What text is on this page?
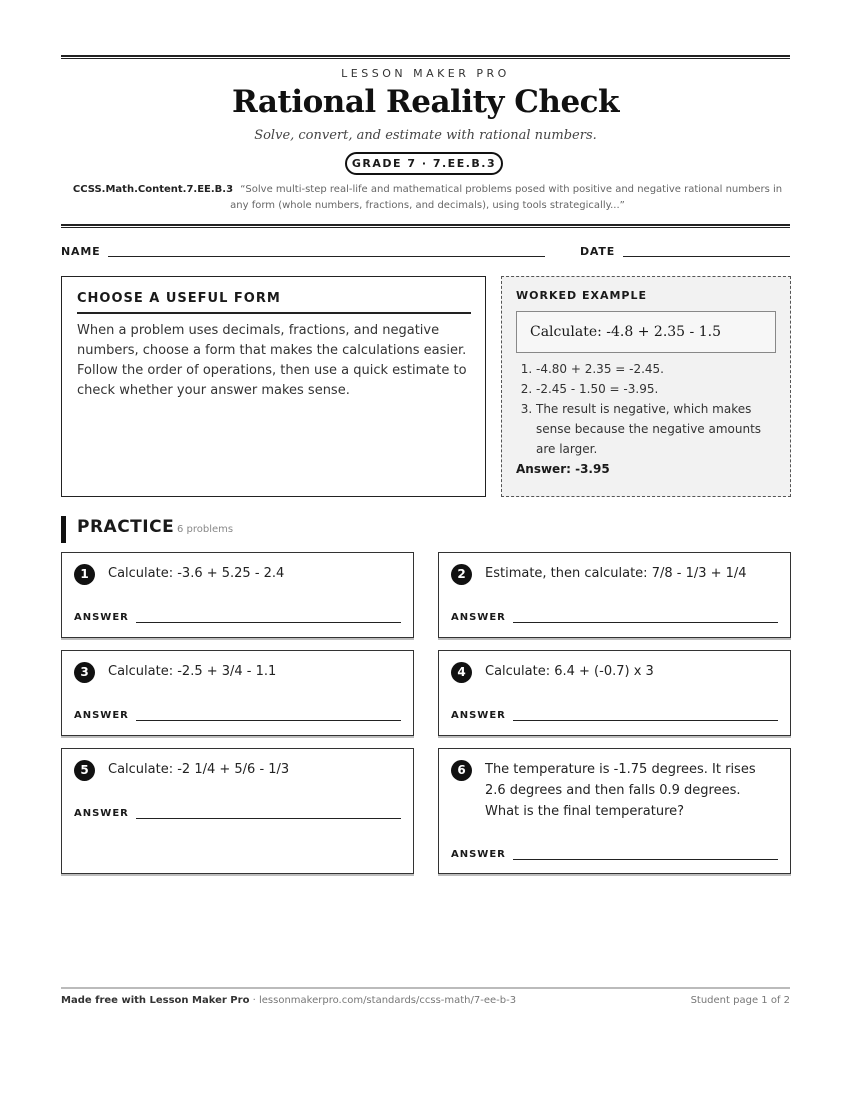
LESSON MAKER PRO
Rational Reality Check
Solve, convert, and estimate with rational numbers.
GRADE 7 · 7.EE.B.3
CCSS.Math.Content.7.EE.B.3 “Solve multi-step real-life and mathematical problems posed with positive and negative rational numbers in any form (whole numbers, fractions, and decimals), using tools strategically...”
NAME	DATE
CHOOSE A USEFUL FORM
When a problem uses decimals, fractions, and negative numbers, choose a form that makes the calculations easier. Follow the order of operations, then use a quick estimate to check whether your answer makes sense.
WORKED EXAMPLE
Calculate: -4.8 + 2.35 - 1.5
1. -4.80 + 2.35 = -2.45.
2. -2.45 - 1.50 = -3.95.
3. The result is negative, which makes sense because the negative amounts are larger.
Answer: -3.95
PRACTICE 6 problems
1	Calculate: -3.6 + 5.25 - 2.4
ANSWER
2	Estimate, then calculate: 7/8 - 1/3 + 1/4
ANSWER
3	Calculate: -2.5 + 3/4 - 1.1
ANSWER
4	Calculate: 6.4 + (-0.7) x 3
ANSWER
5	Calculate: -2 1/4 + 5/6 - 1/3
ANSWER
6	The temperature is -1.75 degrees. It rises 2.6 degrees and then falls 0.9 degrees. What is the final temperature?
ANSWER
Made free with Lesson Maker Pro · lessonmakerpro.com/standards/ccss-math/7-ee-b-3	Student page 1 of 2
